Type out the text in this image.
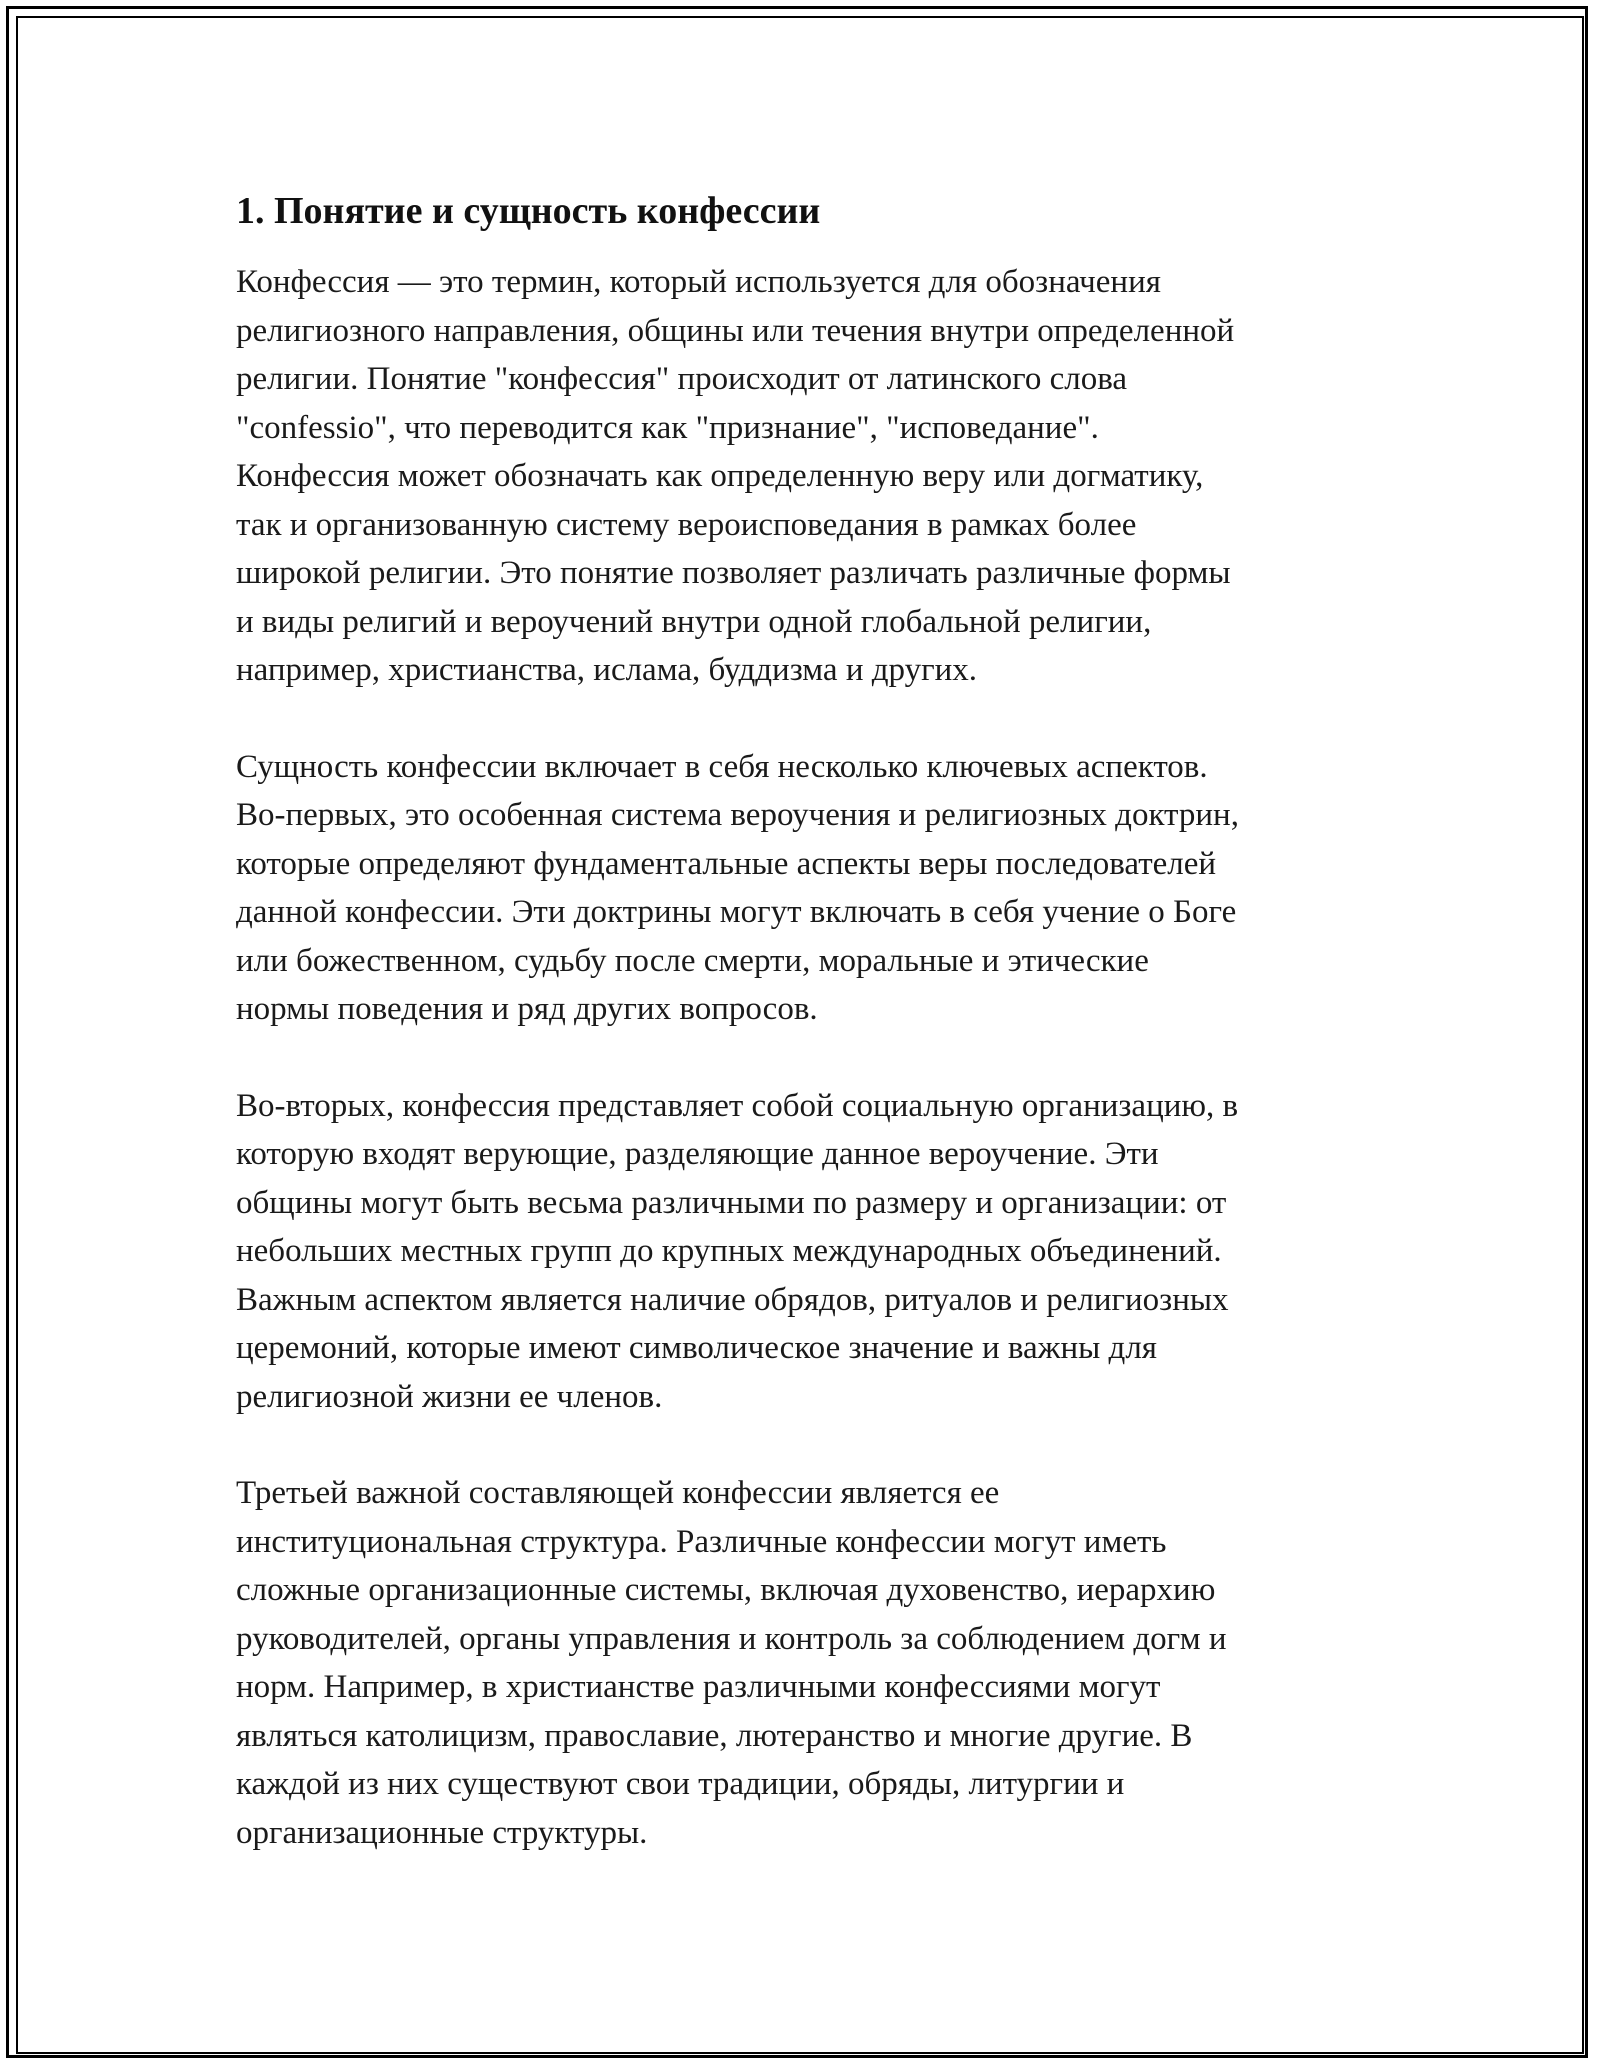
1. Понятие и сущность конфессии

Конфессия — это термин, который используется для обозначения
религиозного направления, общины или течения внутри определенной
религии. Понятие "конфессия" происходит от латинского слова
"confessio", что переводится как "признание", "исповедание".
Конфессия может обозначать как определенную веру или догматику,
так и организованную систему вероисповедания в рамках более
широкой религии. Это понятие позволяет различать различные формы
и виды религий и вероучений внутри одной глобальной религии,
например, христианства, ислама, буддизма и других.

Сущность конфессии включает в себя несколько ключевых аспектов.
Во-первых, это особенная система вероучения и религиозных доктрин,
которые определяют фундаментальные аспекты веры последователей
данной конфессии. Эти доктрины могут включать в себя учение о Боге
или божественном, судьбу после смерти, моральные и этические
нормы поведения и ряд других вопросов.

Во-вторых, конфессия представляет собой социальную организацию, в
которую входят верующие, разделяющие данное вероучение. Эти
общины могут быть весьма различными по размеру и организации: от
небольших местных групп до крупных международных объединений.
Важным аспектом является наличие обрядов, ритуалов и религиозных
церемоний, которые имеют символическое значение и важны для
религиозной жизни ее членов.

Третьей важной составляющей конфессии является ее
институциональная структура. Различные конфессии могут иметь
сложные организационные системы, включая духовенство, иерархию
руководителей, органы управления и контроль за соблюдением догм и
норм. Например, в христианстве различными конфессиями могут
являться католицизм, православие, лютеранство и многие другие. В
каждой из них существуют свои традиции, обряды, литургии и
организационные структуры.
